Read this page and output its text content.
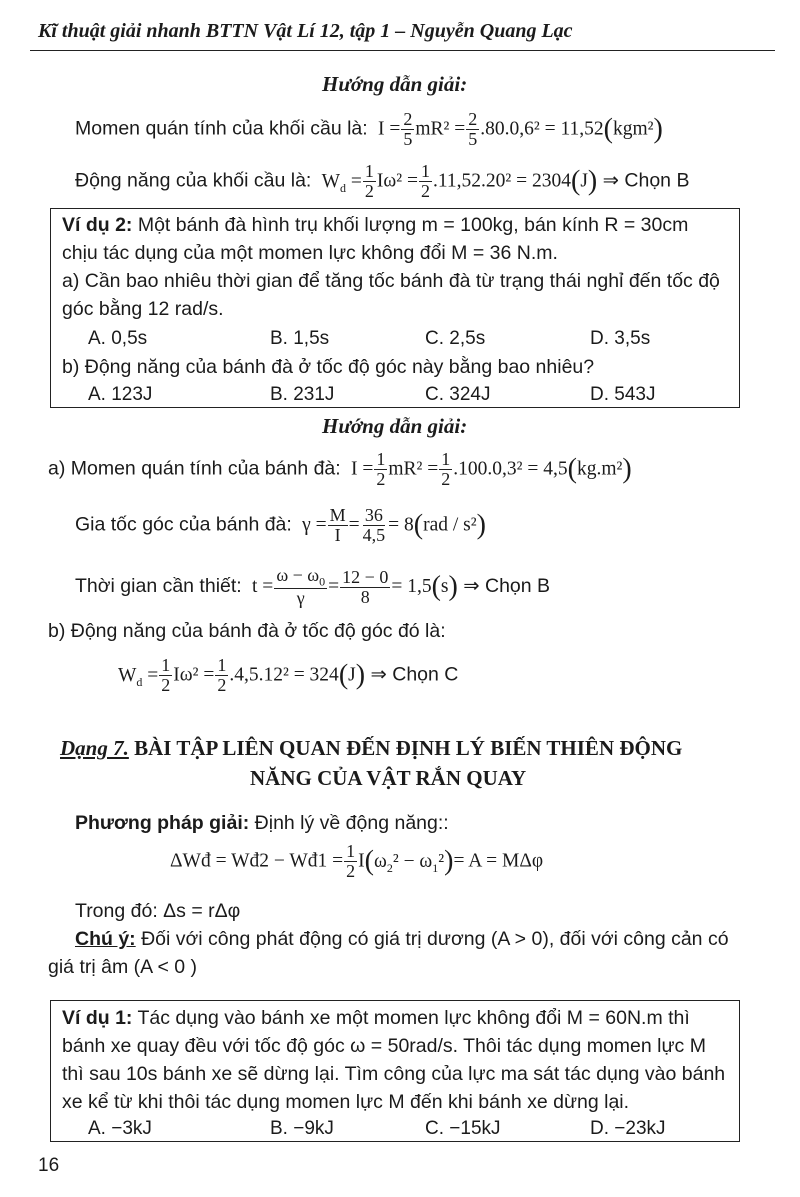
Kĩ thuật giải nhanh BTTN Vật Lí 12, tập 1 – Nguyễn Quang Lạc
Hướng dẫn giải:
Momen quán tính của khối cầu là:  $I = \frac{2}{5} mR^2 = \frac{2}{5} .80.0,6^2 = 11,52(kgm^2)$
Động năng của khối cầu là:  $W_d = \frac{1}{2} I\omega^2 = \frac{1}{2} .11,52.20^2 = 2304(J)$ ⇒ Chọn B
Ví dụ 2: Một bánh đà hình trụ khối lượng m = 100kg, bán kính R = 30cm
chịu tác dụng của một momen lực không đổi M = 36 N.m.
a) Cần bao nhiêu thời gian để tăng tốc bánh đà từ trạng thái nghỉ đến tốc độ
góc bằng 12 rad/s.
A. 0,5s	B. 1,5s	C. 2,5s	D. 3,5s
b) Động năng của bánh đà ở tốc độ góc này bằng bao nhiêu?
A. 123J	B. 231J	C. 324J	D. 543J
Hướng dẫn giải:
a) Momen quán tính của bánh đà:  $I = \frac{1}{2} mR^2 = \frac{1}{2} .100.0,3^2 = 4,5(kg.m^2)$
Gia tốc góc của bánh đà:  $\gamma = \frac{M}{I} = \frac{36}{4,5} = 8(rad / s^2)$
Thời gian cần thiết:  $t = \frac{\omega - \omega_0}{\gamma} = \frac{12 - 0}{8} = 1,5(s)$ ⇒ Chọn B
b) Động năng của bánh đà ở tốc độ góc đó là:
$W_d = \frac{1}{2} I\omega^2 = \frac{1}{2} .4,5.12^2 = 324(J)$ ⇒ Chọn C
Dạng 7. BÀI TẬP LIÊN QUAN ĐẾN ĐỊNH LÝ BIẾN THIÊN ĐỘNG
NĂNG CỦA VẬT RẮN QUAY
Phương pháp giải: Định lý về động năng::
ΔWđ = Wđ2 − Wđ1 = $\frac{1}{2} I(\omega_2^2 - \omega_1^2)= A = M\Delta\varphi$
Trong đó: Δs = rΔφ
Chú ý: Đối với công phát động có giá trị dương (A > 0), đối với công cản có
giá trị âm (A < 0 )
Ví dụ 1: Tác dụng vào bánh xe một momen lực không đổi M = 60N.m thì
bánh xe quay đều với tốc độ góc ω = 50rad/s. Thôi tác dụng momen lực M
thì sau 10s bánh xe sẽ dừng lại. Tìm công của lực ma sát tác dụng vào bánh
xe kể từ khi thôi tác dụng momen lực M đến khi bánh xe dừng lại.
A. −3kJ	B. −9kJ	C. −15kJ	D. −23kJ
16
